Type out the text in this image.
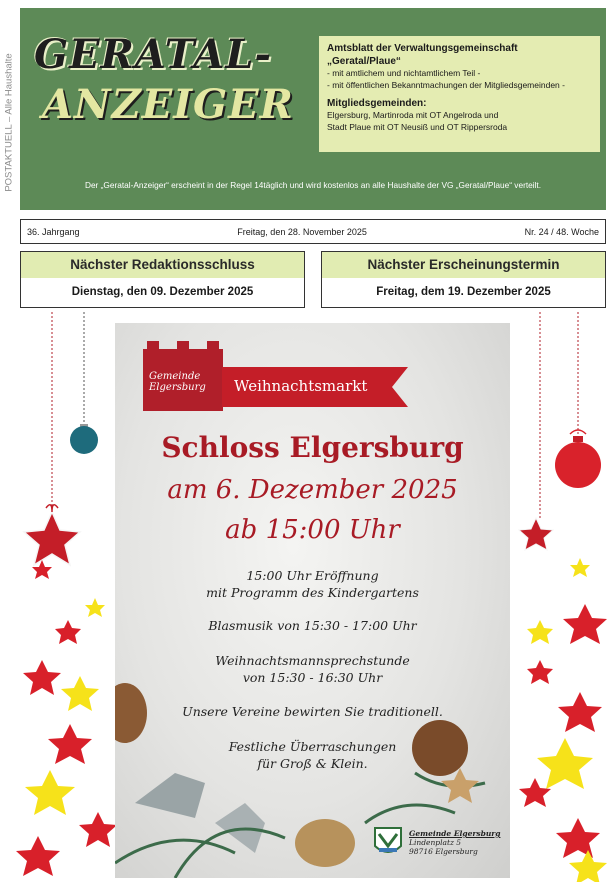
POSTAKTUELL – Alle Haushalte GERATAL-
ANZEIGER
Amtsblatt der Verwaltungsgemeinschaft
„Geratal/Plaue“
- mit amtlichem und nichtamtlichem Teil -
- mit öffentlichen Bekanntmachungen der Mitgliedsgemeinden -
Mitgliedsgemeinden:
Elgersburg, Martinroda mit OT Angelroda und
Stadt Plaue mit OT Neusiß und OT Rippersroda
Der „Geratal-Anzeiger“ erscheint in der Regel 14täglich und wird kostenlos an alle Haushalte der VG „Geratal/Plaue“ verteilt.
36. Jahrgang	Freitag, den 28. November 2025	Nr. 24 / 48. Woche
Nächster Redaktionsschluss
Dienstag, den 09. Dezember 2025
Nächster Erscheinungstermin
Freitag, dem 19. Dezember 2025
Gemeinde
Elgersburg Weihnachtsmarkt
Schloss Elgersburg
am 6. Dezember 2025
ab 15:00 Uhr
15:00 Uhr Eröffnung
mit Programm des Kindergartens
Blasmusik von 15:30 - 17:00 Uhr
Weihnachtsmannsprechstunde
von 15:30 - 16:30 Uhr
Unsere Vereine bewirten Sie traditionell.
Festliche Überraschungen
für Groß & Klein.
Gemeinde Elgersburg
Lindenplatz 5
98716 Elgersburg
